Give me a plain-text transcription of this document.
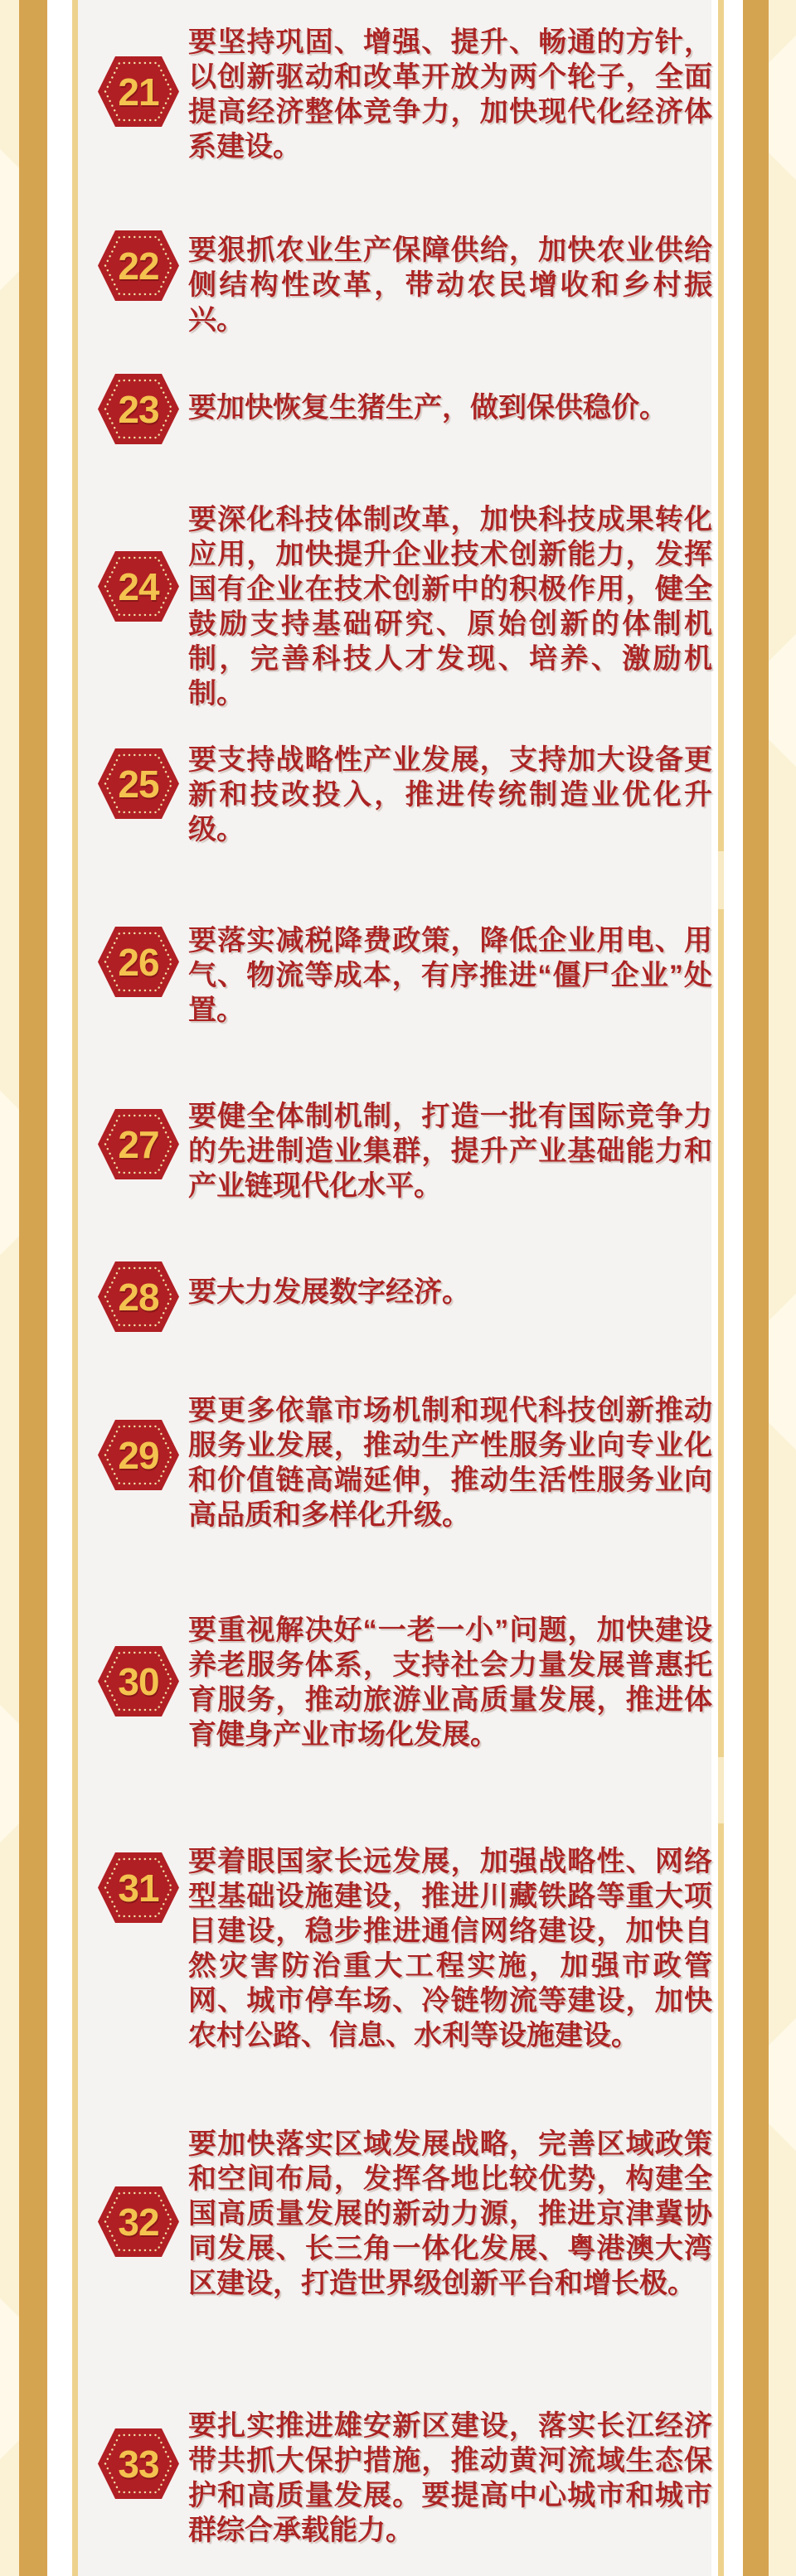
21
要坚持巩固、增强、提升、畅通的方针，以创新驱动和改革开放为两个轮子，全面提高经济整体竞争力，加快现代化经济体系建设。
22	要狠抓农业生产保障供给，加快农业供给侧结构性改革，带动农民增收和乡村振兴。
23	要加快恢复生猪生产，做到保供稳价。
24
要深化科技体制改革，加快科技成果转化应用，加快提升企业技术创新能力，发挥国有企业在技术创新中的积极作用，健全鼓励支持基础研究、原始创新的体制机制，完善科技人才发现、培养、激励机制。
25
要支持战略性产业发展，支持加大设备更新和技改投入，推进传统制造业优化升级。
26	要落实减税降费政策，降低企业用电、用气、物流等成本，有序推进“僵尸企业”处置。
27
要健全体制机制，打造一批有国际竞争力的先进制造业集群，提升产业基础能力和产业链现代化水平。
28	要大力发展数字经济。
29
要更多依靠市场机制和现代科技创新推动服务业发展，推动生产性服务业向专业化和价值链高端延伸，推动生活性服务业向高品质和多样化升级。
30
要重视解决好“一老一小”问题，加快建设养老服务体系，支持社会力量发展普惠托育服务，推动旅游业高质量发展，推进体育健身产业市场化发展。
31
要着眼国家长远发展，加强战略性、网络型基础设施建设，推进川藏铁路等重大项目建设，稳步推进通信网络建设，加快自然灾害防治重大工程实施，加强市政管网、城市停车场、冷链物流等建设，加快农村公路、信息、水利等设施建设。
32
要加快落实区域发展战略，完善区域政策和空间布局，发挥各地比较优势，构建全国高质量发展的新动力源，推进京津冀协同发展、长三角一体化发展、粤港澳大湾区建设，打造世界级创新平台和增长极。
33
要扎实推进雄安新区建设，落实长江经济带共抓大保护措施，推动黄河流域生态保护和高质量发展。要提高中心城市和城市群综合承载能力。
